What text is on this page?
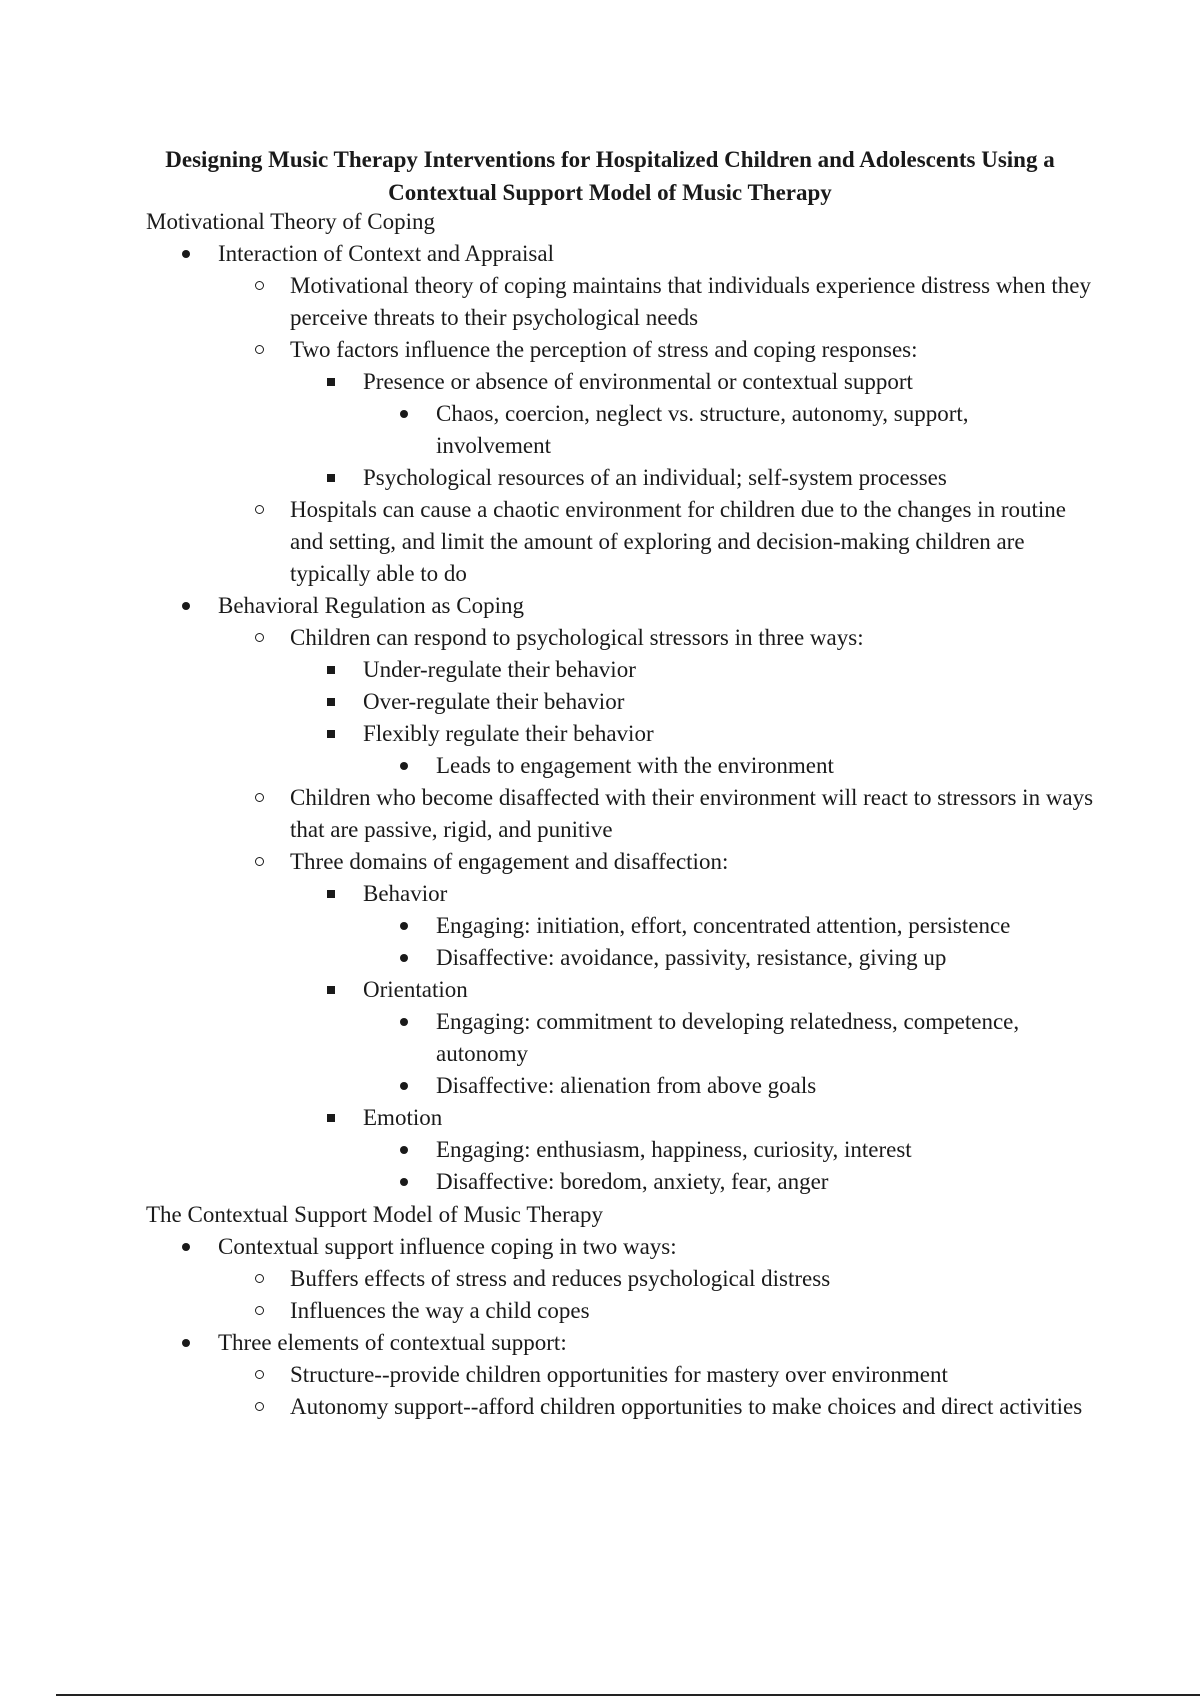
Designing Music Therapy Interventions for Hospitalized Children and Adolescents Using a Contextual Support Model of Music Therapy
Motivational Theory of Coping
Interaction of Context and Appraisal
Motivational theory of coping maintains that individuals experience distress when they perceive threats to their psychological needs
Two factors influence the perception of stress and coping responses:
Presence or absence of environmental or contextual support
Chaos, coercion, neglect vs. structure, autonomy, support, involvement
Psychological resources of an individual; self-system processes
Hospitals can cause a chaotic environment for children due to the changes in routine and setting, and limit the amount of exploring and decision-making children are typically able to do
Behavioral Regulation as Coping
Children can respond to psychological stressors in three ways:
Under-regulate their behavior
Over-regulate their behavior
Flexibly regulate their behavior
Leads to engagement with the environment
Children who become disaffected with their environment will react to stressors in ways that are passive, rigid, and punitive
Three domains of engagement and disaffection:
Behavior
Engaging: initiation, effort, concentrated attention, persistence
Disaffective: avoidance, passivity, resistance, giving up
Orientation
Engaging: commitment to developing relatedness, competence, autonomy
Disaffective: alienation from above goals
Emotion
Engaging: enthusiasm, happiness, curiosity, interest
Disaffective: boredom, anxiety, fear, anger
The Contextual Support Model of Music Therapy
Contextual support influence coping in two ways:
Buffers effects of stress and reduces psychological distress
Influences the way a child copes
Three elements of contextual support:
Structure--provide children opportunities for mastery over environment
Autonomy support--afford children opportunities to make choices and direct activities
